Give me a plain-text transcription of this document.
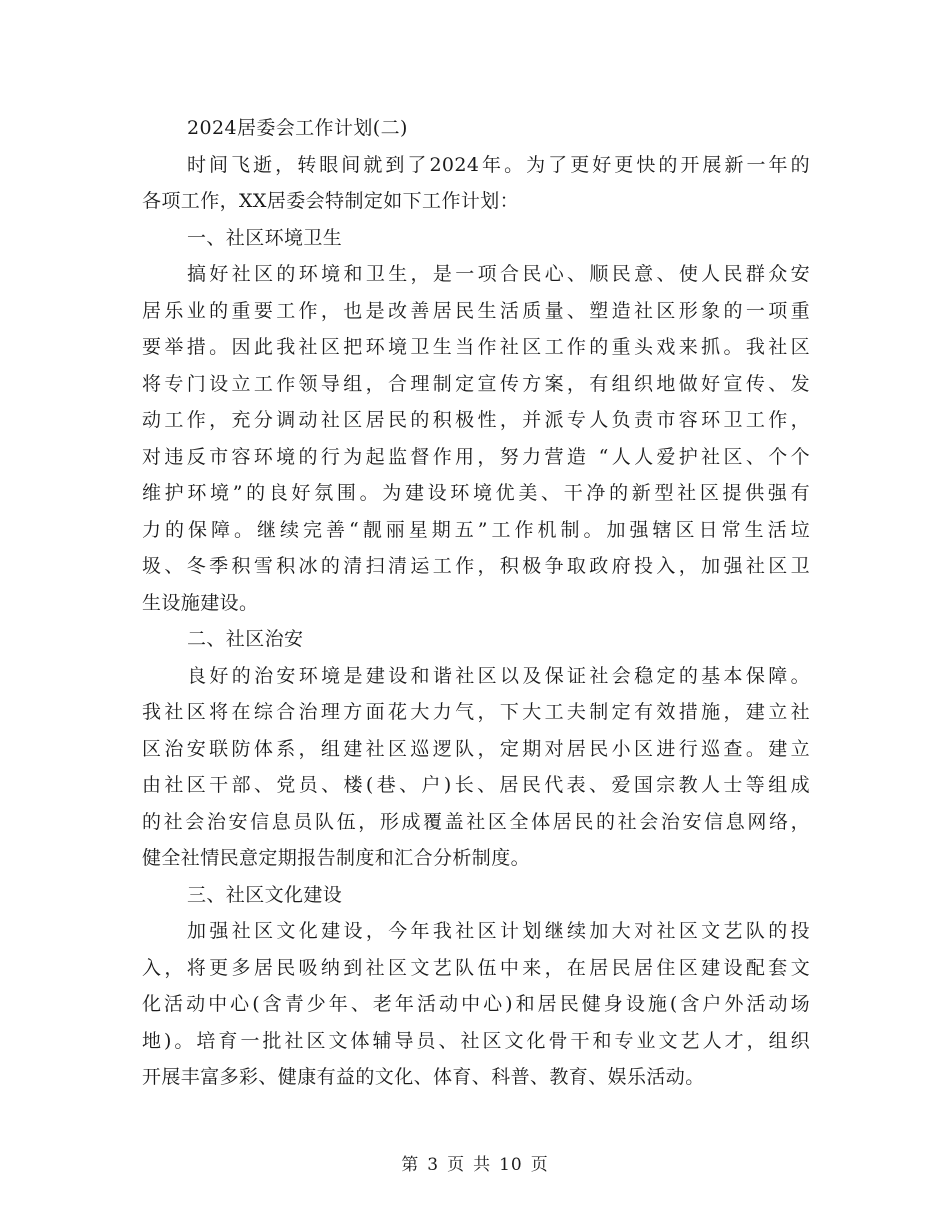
2024居委会工作计划(二)
时间飞逝，转眼间就到了2024年。为了更好更快的开展新一年的
各项工作，XX居委会特制定如下工作计划：
一、社区环境卫生
搞好社区的环境和卫生，是一项合民心、顺民意、使人民群众安
居乐业的重要工作，也是改善居民生活质量、塑造社区形象的一项重
要举措。因此我社区把环境卫生当作社区工作的重头戏来抓。我社区
将专门设立工作领导组，合理制定宣传方案，有组织地做好宣传、发
动工作，充分调动社区居民的积极性，并派专人负责市容环卫工作，
对违反市容环境的行为起监督作用，努力营造 “人人爱护社区、个个
维护环境”的良好氛围。为建设环境优美、干净的新型社区提供强有
力的保障。继续完善“靓丽星期五”工作机制。加强辖区日常生活垃
圾、冬季积雪积冰的清扫清运工作，积极争取政府投入，加强社区卫
生设施建设。
二、社区治安
良好的治安环境是建设和谐社区以及保证社会稳定的基本保障。
我社区将在综合治理方面花大力气，下大工夫制定有效措施，建立社
区治安联防体系，组建社区巡逻队，定期对居民小区进行巡查。建立
由社区干部、党员、楼(巷、户)长、居民代表、爱国宗教人士等组成
的社会治安信息员队伍，形成覆盖社区全体居民的社会治安信息网络，
健全社情民意定期报告制度和汇合分析制度。
三、社区文化建设
加强社区文化建设，今年我社区计划继续加大对社区文艺队的投
入，将更多居民吸纳到社区文艺队伍中来，在居民居住区建设配套文
化活动中心(含青少年、老年活动中心)和居民健身设施(含户外活动场
地)。培育一批社区文体辅导员、社区文化骨干和专业文艺人才，组织
开展丰富多彩、健康有益的文化、体育、科普、教育、娱乐活动。
第 3 页 共 10 页
